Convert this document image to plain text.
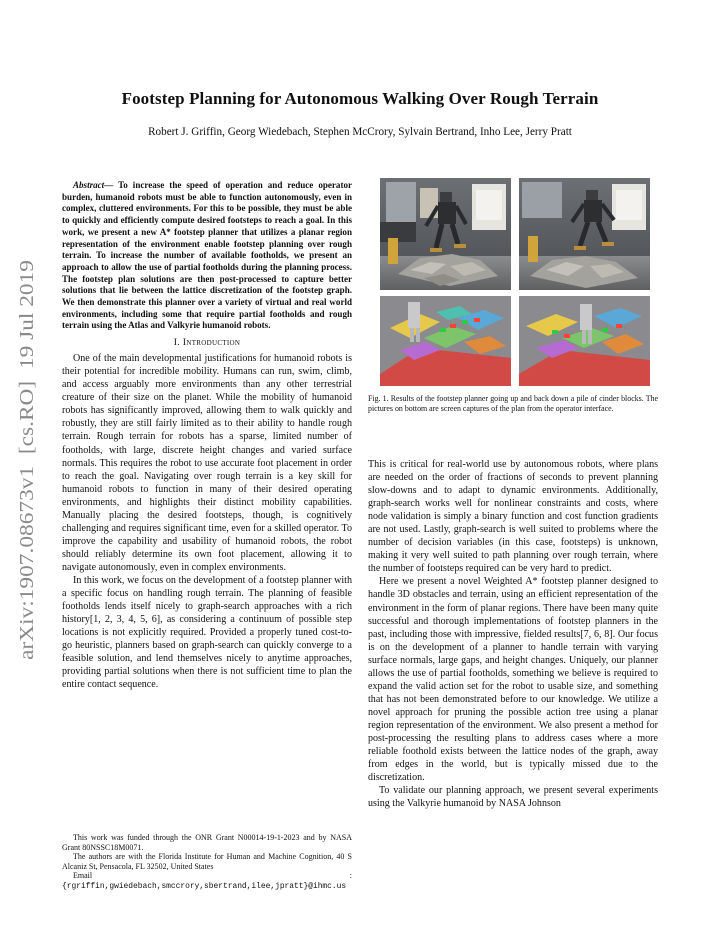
Footstep Planning for Autonomous Walking Over Rough Terrain
Robert J. Griffin, Georg Wiedebach, Stephen McCrory, Sylvain Bertrand, Inho Lee, Jerry Pratt
arXiv:1907.08673v1  [cs.RO]  19 Jul 2019

Abstract— To increase the speed of operation and reduce operator burden, humanoid robots must be able to function autonomously, even in complex, cluttered environments. For this to be possible, they must be able to quickly and efficiently compute desired footsteps to reach a goal. In this work, we present a new A* footstep planner that utilizes a planar region representation of the environment enable footstep planning over rough terrain. To increase the number of available footholds, we present an approach to allow the use of partial footholds during the planning process. The footstep plan solutions are then post-processed to capture better solutions that lie between the lattice discretization of the footstep graph. We then demonstrate this planner over a variety of virtual and real world environments, including some that require partial footholds and rough terrain using the Atlas and Valkyrie humanoid robots.

I. Introduction

One of the main developmental justifications for humanoid robots is their potential for incredible mobility. Humans can run, swim, climb, and access arguably more environments than any other terrestrial creature of their size on the planet. While the mobility of humanoid robots has significantly improved, allowing them to walk quickly and robustly, they are still fairly limited as to their ability to handle rough terrain. Rough terrain for robots has a sparse, limited number of footholds, with large, discrete height changes and varied surface normals. This requires the robot to use accurate foot placement in order to reach the goal. Navigating over rough terrain is a key skill for humanoid robots to function in many of their desired operating environments, and highlights their distinct mobility capabilities. Manually placing the desired footsteps, though, is cognitively challenging and requires significant time, even for a skilled operator. To improve the capability and usability of humanoid robots, the robot should reliably determine its own foot placement, allowing it to navigate autonomously, even in complex environments.

In this work, we focus on the development of a footstep planner with a specific focus on handling rough terrain. The planning of feasible footholds lends itself nicely to graph-search approaches with a rich history[1, 2, 3, 4, 5, 6], as considering a continuum of possible step locations is not explicitly required. Provided a properly tuned cost-to-go heuristic, planners based on graph-search can quickly converge to a feasible solution, and lend themselves nicely to anytime approaches, providing partial solutions when there is not sufficient time to plan the entire contact sequence.

Fig. 1. Results of the footstep planner going up and back down a pile of cinder blocks. The pictures on bottom are screen captures of the plan from the operator interface.

This is critical for real-world use by autonomous robots, where plans are needed on the order of fractions of seconds to prevent planning slow-downs and to adapt to dynamic environments. Additionally, graph-search works well for nonlinear constraints and costs, where node validation is simply a binary function and cost function gradients are not used. Lastly, graph-search is well suited to problems where the number of decision variables (in this case, footsteps) is unknown, making it very well suited to path planning over rough terrain, where the number of footsteps required can be very hard to predict.

Here we present a novel Weighted A* footstep planner designed to handle 3D obstacles and terrain, using an efficient representation of the environment in the form of planar regions. There have been many quite successful and thorough implementations of footstep planners in the past, including those with impressive, fielded results[7, 6, 8]. Our focus is on the development of a planner to handle terrain with varying surface normals, large gaps, and height changes. Uniquely, our planner allows the use of partial footholds, something we believe is required to expand the valid action set for the robot to usable size, and something that has not been demonstrated before to our knowledge. We utilize a novel approach for pruning the possible action tree using a planar region representation of the environment. We also present a method for post-processing the resulting plans to address cases where a more reliable foothold exists between the lattice nodes of the graph, away from edges in the world, but is typically missed due to the discretization.

To validate our planning approach, we present several experiments using the Valkyrie humanoid by NASA Johnson

This work was funded through the ONR Grant N00014-19-1-2023 and by NASA Grant 80NSSC18M0071.

The authors are with the Florida Institute for Human and Machine Cognition, 40 S Alcaniz St, Pensacola, FL 32502, United States

Email : {rgriffin,gwiedebach,smccrory,sbertrand,ilee,jpratt}@ihmc.us
